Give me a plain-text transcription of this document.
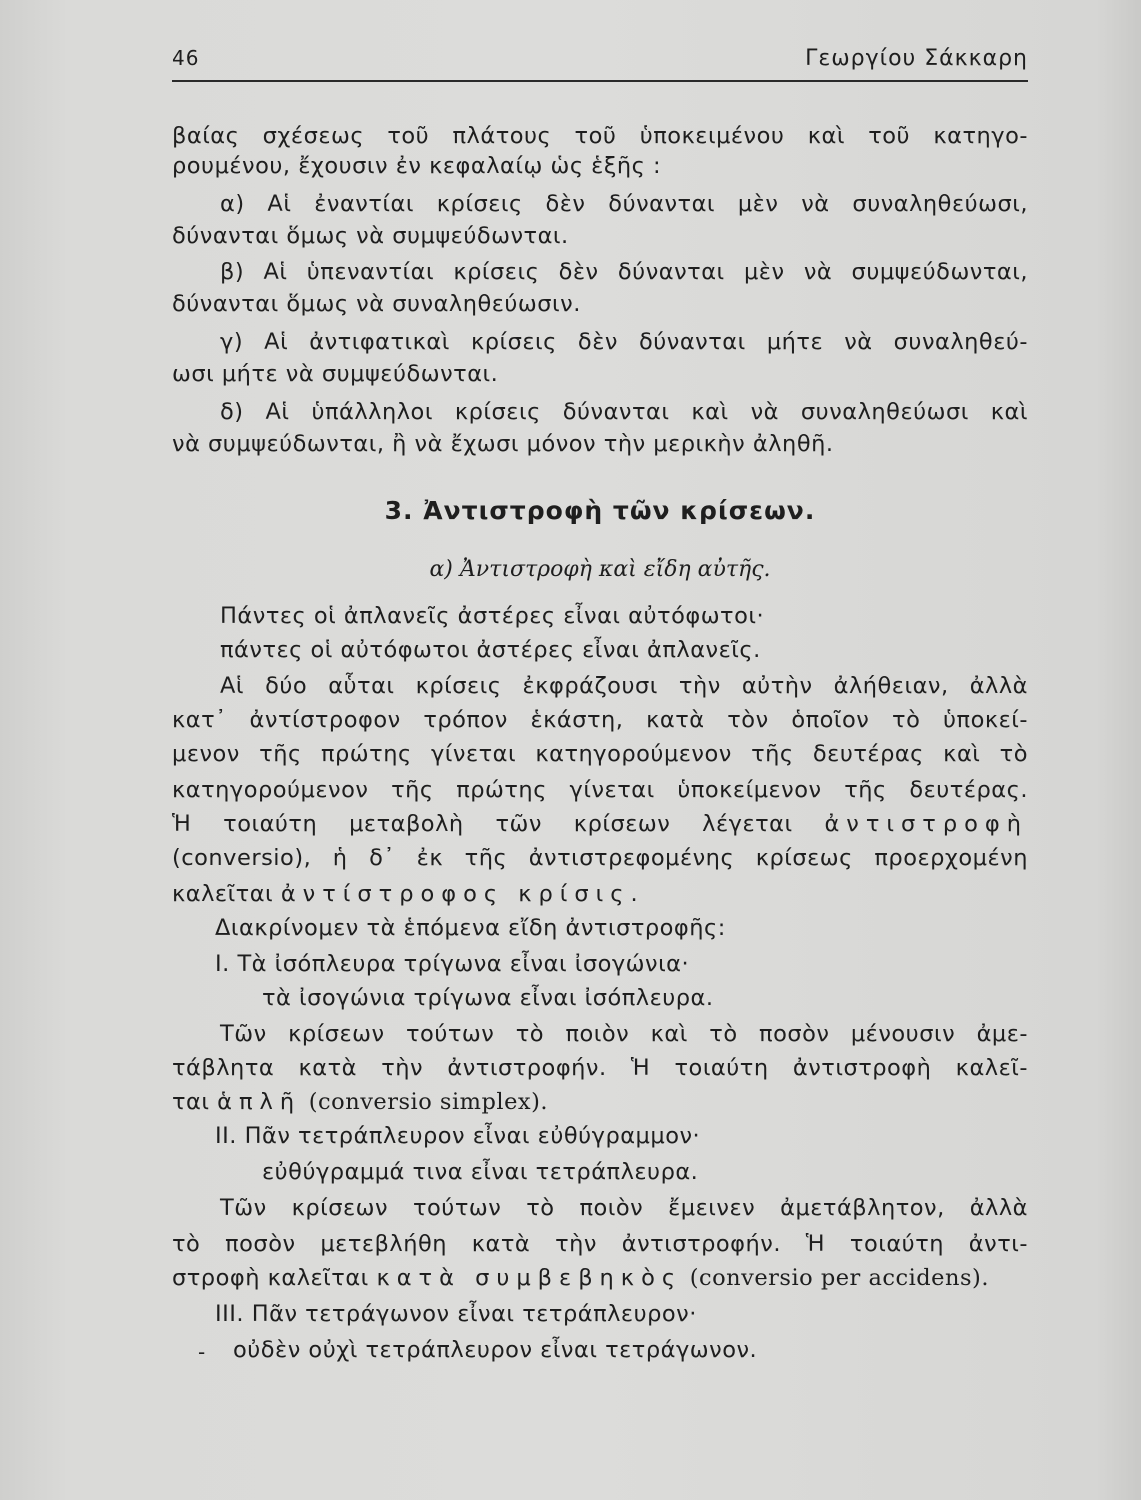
46	Γεωργίου Σάκκαρη
βαίας σχέσεως τοῦ πλάτους τοῦ ὑποκειμένου καὶ τοῦ κατηγο-
ρουμένου, ἔχουσιν ἐν κεφαλαίῳ ὡς ἑξῆς :
α) Αἱ ἐναντίαι κρίσεις δὲν δύνανται μὲν νὰ συναληθεύωσι,
δύνανται ὅμως νὰ συμψεύδωνται.
β) Αἱ ὑπεναντίαι κρίσεις δὲν δύνανται μὲν νὰ συμψεύδωνται,
δύνανται ὅμως νὰ συναληθεύωσιν.
γ) Αἱ ἀντιφατικαὶ κρίσεις δὲν δύνανται μήτε νὰ συναληθεύ-
ωσι μήτε νὰ συμψεύδωνται.
δ) Αἱ ὑπάλληλοι κρίσεις δύνανται καὶ νὰ συναληθεύωσι καὶ
νὰ συμψεύδωνται, ἢ νὰ ἔχωσι μόνον τὴν μερικὴν ἀληθῆ.
3. Ἀντιστροφὴ τῶν κρίσεων.
α) Ἀντιστροφὴ καὶ εἴδη αὐτῆς.
Πάντες οἱ ἀπλανεῖς ἀστέρες εἶναι αὐτόφωτοι·
πάντες οἱ αὐτόφωτοι ἀστέρες εἶναι ἀπλανεῖς.
Αἱ δύο αὗται κρίσεις ἐκφράζουσι τὴν αὐτὴν ἀλήθειαν, ἀλλὰ
κατ᾽ ἀντίστροφον τρόπον ἑκάστη, κατὰ τὸν ὁποῖον τὸ ὑποκεί-
μενον τῆς πρώτης γίνεται κατηγορούμενον τῆς δευτέρας καὶ τὸ
κατηγορούμενον τῆς πρώτης γίνεται ὑποκείμενον τῆς δευτέρας.
Ἡ τοιαύτη μεταβολὴ τῶν κρίσεων λέγεται ἀντιστροφὴ
(conversio), ἡ δ᾽ ἐκ τῆς ἀντιστρεφομένης κρίσεως προερχομένη
καλεῖται ἀντίστροφος κρίσις.
Διακρίνομεν τὰ ἑπόμενα εἴδη ἀντιστροφῆς:
I. Τὰ ἰσόπλευρα τρίγωνα εἶναι ἰσογώνια·
τὰ ἰσογώνια τρίγωνα εἶναι ἰσόπλευρα.
Τῶν κρίσεων τούτων τὸ ποιὸν καὶ τὸ ποσὸν μένουσιν ἀμε-
τάβλητα κατὰ τὴν ἀντιστροφήν. Ἡ τοιαύτη ἀντιστροφὴ καλεῖ-
ται ἁπλῆ (conversio simplex).
II. Πᾶν τετράπλευρον εἶναι εὐθύγραμμον·
εὐθύγραμμά τινα εἶναι τετράπλευρα.
Τῶν κρίσεων τούτων τὸ ποιὸν ἔμεινεν ἀμετάβλητον, ἀλλὰ
τὸ ποσὸν μετεβλήθη κατὰ τὴν ἀντιστροφήν. Ἡ τοιαύτη ἀντι-
στροφὴ καλεῖται κατὰ συμβεβηκὸς (conversio per accidens).
III. Πᾶν τετράγωνον εἶναι τετράπλευρον·
- οὐδὲν οὐχὶ τετράπλευρον εἶναι τετράγωνον.
